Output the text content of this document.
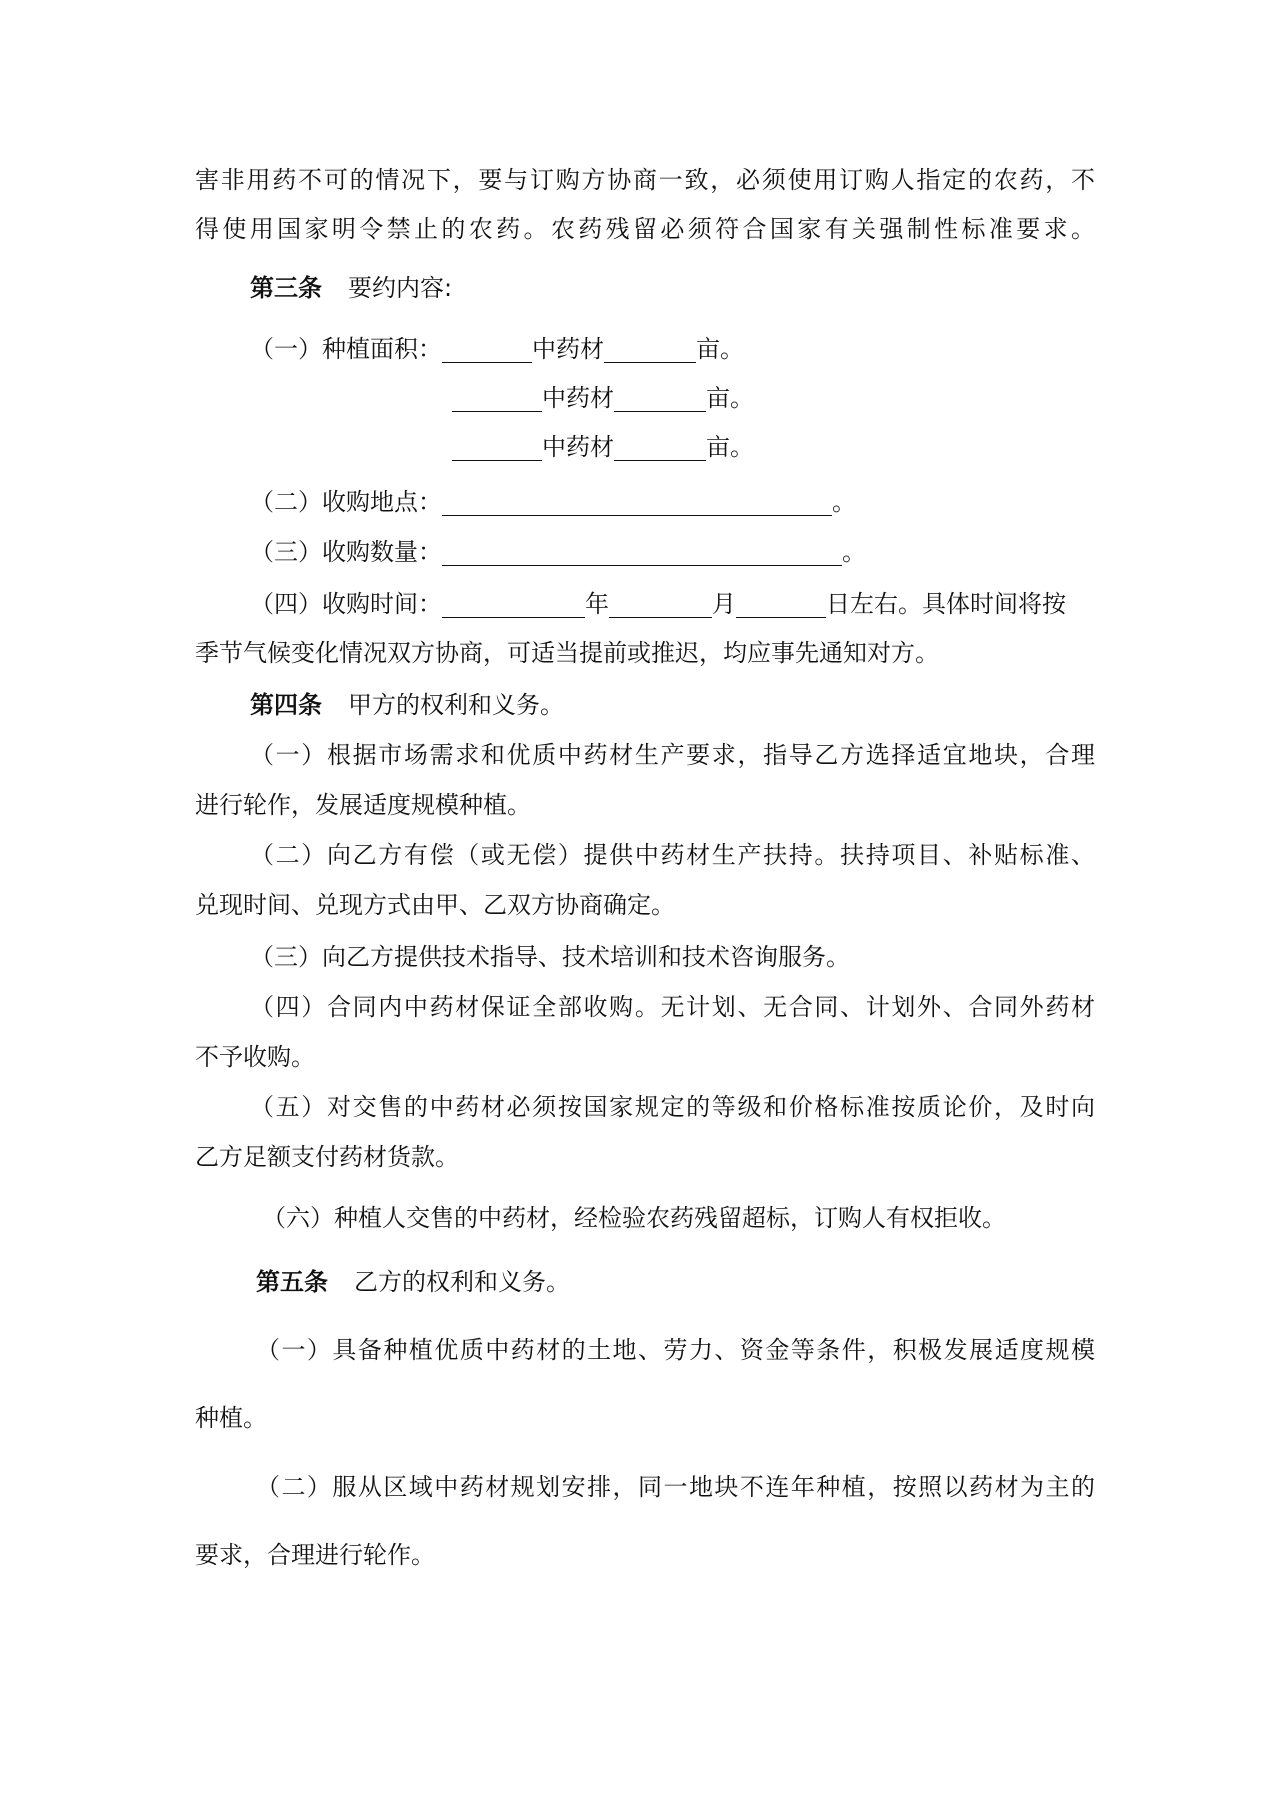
害非用药不可的情况下，要与订购方协商一致，必须使用订购人指定的农药，不
得使用国家明令禁止的农药。农药残留必须符合国家有关强制性标准要求。
第三条 要约内容:
（一）种植面积：	中药材	亩。
中药材	亩。
中药材	亩。
（二）收购地点：	。
（三）收购数量：	。
（四）收购时间：	年	月	日左右。具体时间将按
季节气候变化情况双方协商，可适当提前或推迟，均应事先通知对方。
第四条 甲方的权利和义务。
（一）根据市场需求和优质中药材生产要求，指导乙方选择适宜地块，合理
进行轮作，发展适度规模种植。
（二）向乙方有偿（或无偿）提供中药材生产扶持。扶持项目、补贴标准、
兑现时间、兑现方式由甲、乙双方协商确定。
（三）向乙方提供技术指导、技术培训和技术咨询服务。
（四）合同内中药材保证全部收购。无计划、无合同、计划外、合同外药材
不予收购。
（五）对交售的中药材必须按国家规定的等级和价格标准按质论价，及时向
乙方足额支付药材货款。
（六）种植人交售的中药材，经检验农药残留超标，订购人有权拒收。
第五条 乙方的权利和义务。
（一）具备种植优质中药材的土地、劳力、资金等条件，积极发展适度规模
种植。
（二）服从区域中药材规划安排，同一地块不连年种植，按照以药材为主的
要求，合理进行轮作。
